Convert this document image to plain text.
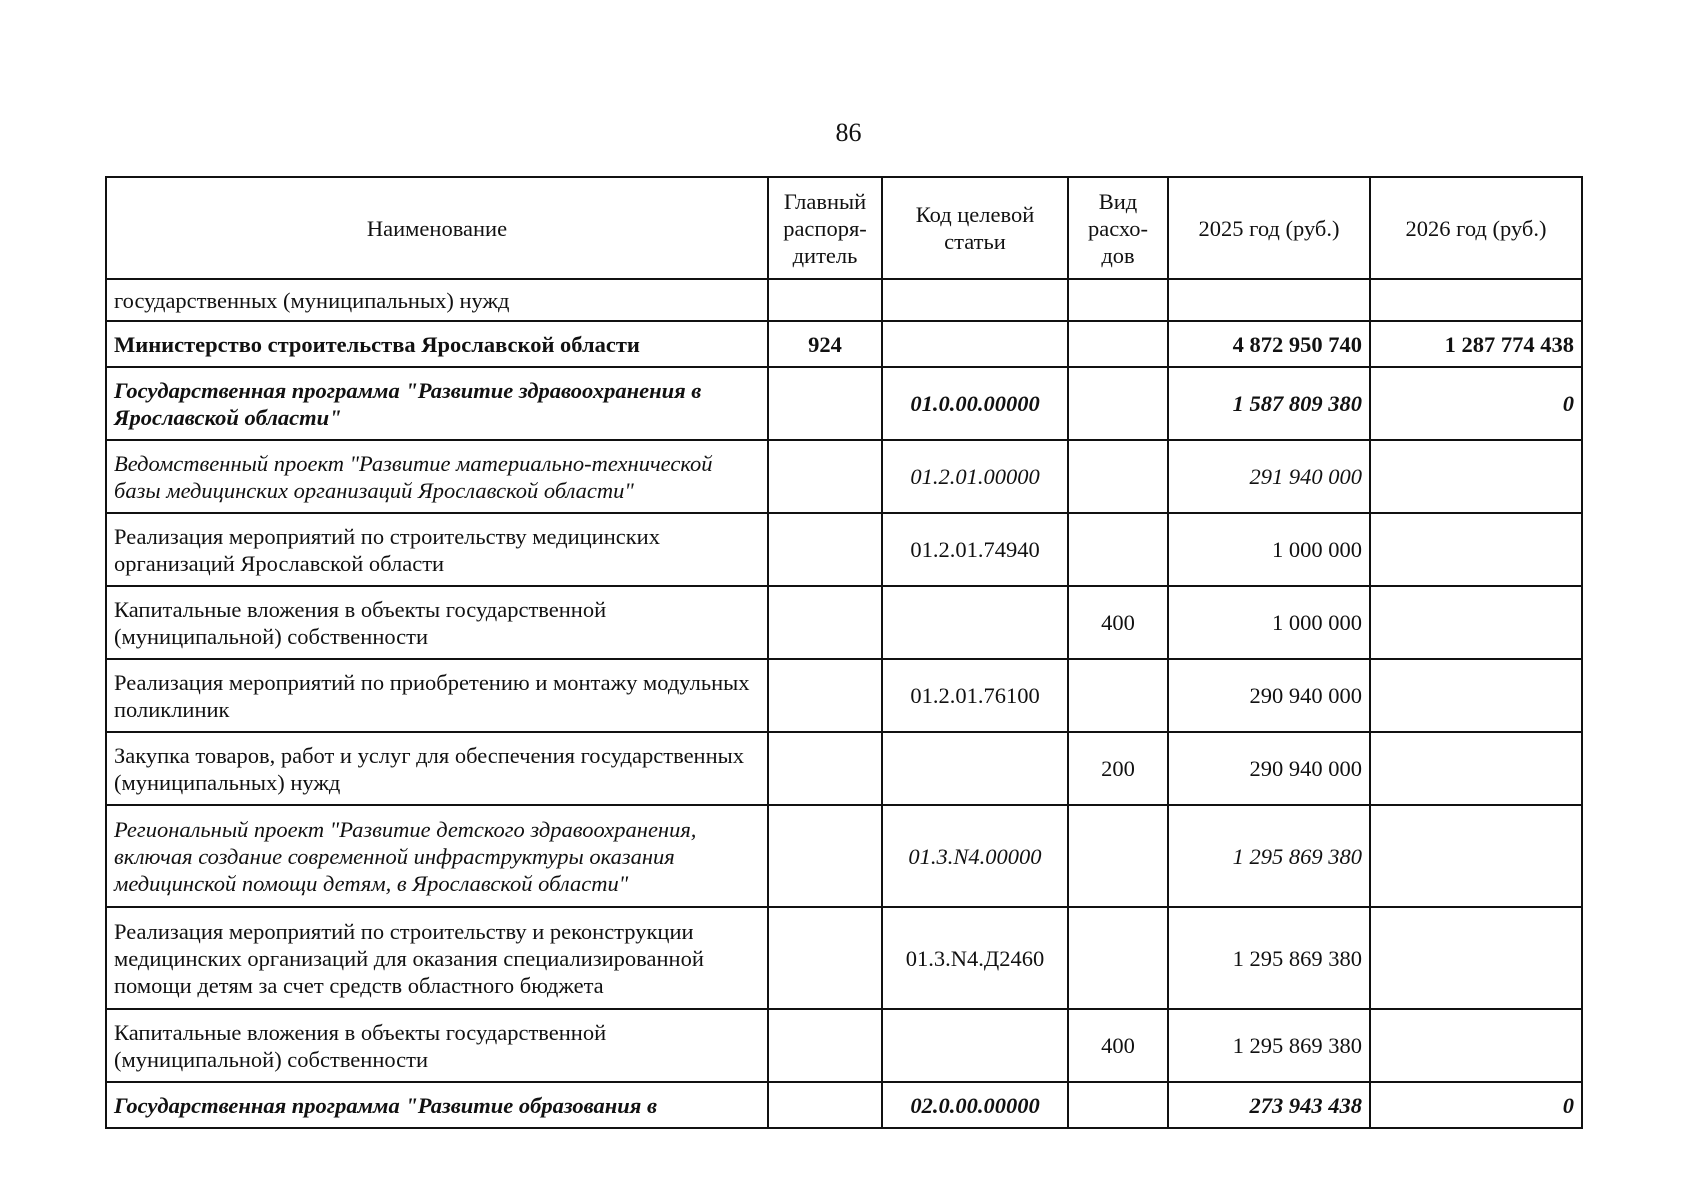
86
Наименование	Главный распоря-дитель	Код целевой статьи	Вид расхо-дов	2025 год (руб.)	2026 год (руб.)
государственных (муниципальных) нужд					
Министерство строительства Ярославской области	924			4 872 950 740	1 287 774 438
Государственная программа "Развитие здравоохранения в Ярославской области"		01.0.00.00000		1 587 809 380	0
Ведомственный проект "Развитие материально-технической базы медицинских организаций Ярославской области"		01.2.01.00000		291 940 000	
Реализация мероприятий по строительству медицинских организаций Ярославской области		01.2.01.74940		1 000 000	
Капитальные вложения в объекты государственной (муниципальной) собственности			400	1 000 000	
Реализация мероприятий по приобретению и монтажу модульных поликлиник		01.2.01.76100		290 940 000	
Закупка товаров, работ и услуг для обеспечения государственных (муниципальных) нужд			200	290 940 000	
Региональный проект "Развитие детского здравоохранения, включая создание современной инфраструктуры оказания медицинской помощи детям, в Ярославской области"		01.3.N4.00000		1 295 869 380	
Реализация мероприятий по строительству и реконструкции медицинских организаций для оказания специализированной помощи детям за счет средств областного бюджета		01.3.N4.Д2460		1 295 869 380	
Капитальные вложения в объекты государственной (муниципальной) собственности			400	1 295 869 380	
Государственная программа "Развитие образования в		02.0.00.00000		273 943 438	0
